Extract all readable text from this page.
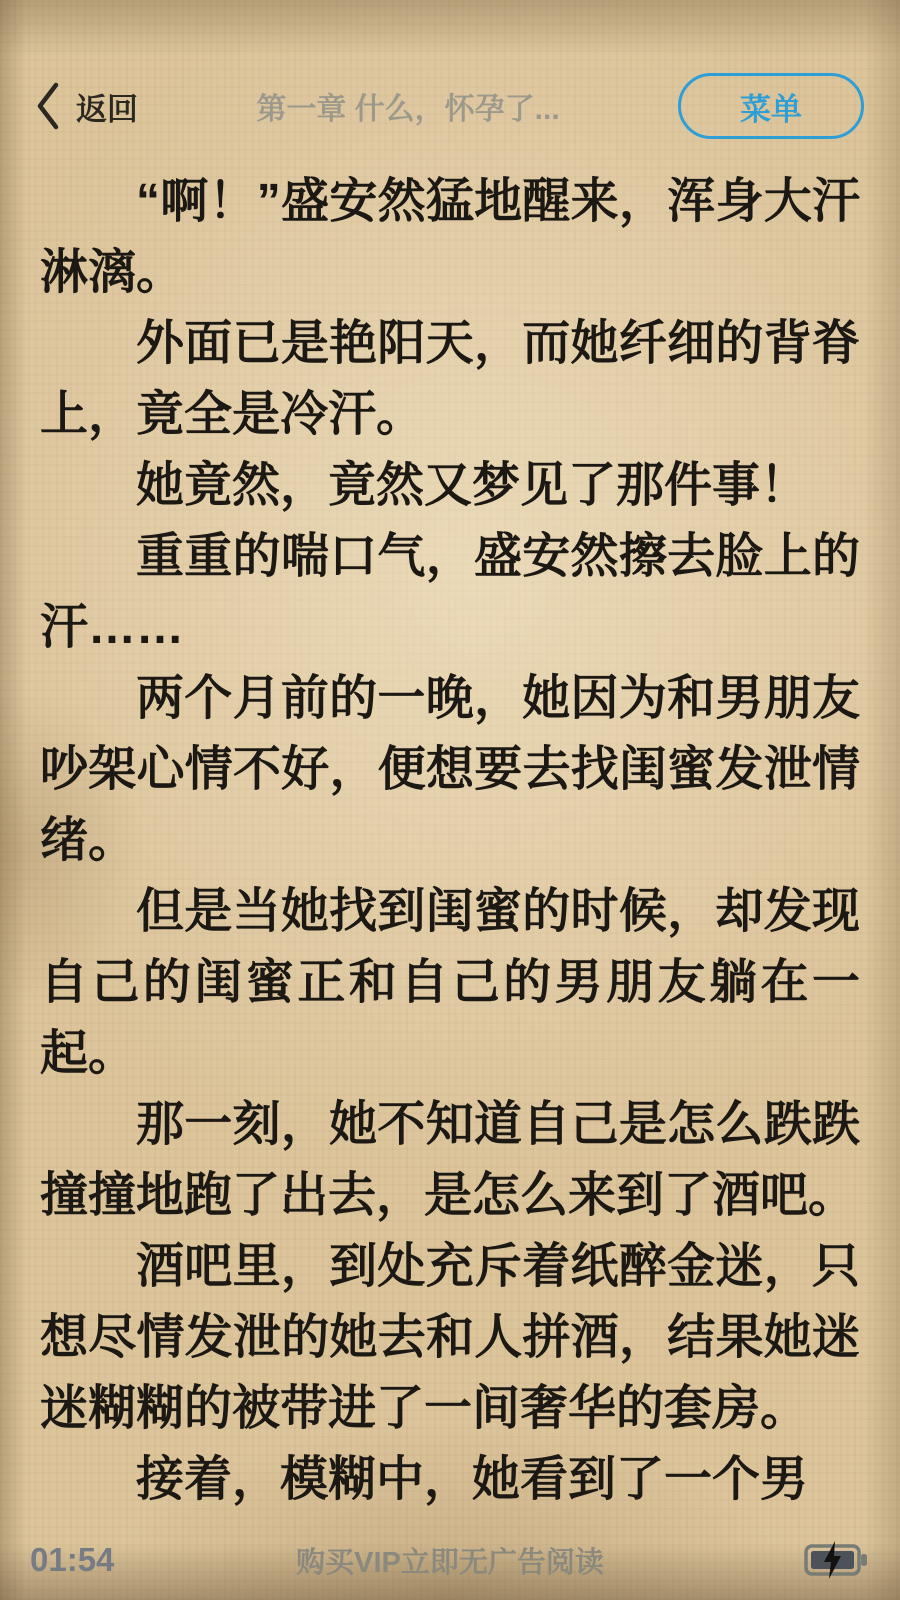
返回	第一章 什么，怀孕了...	菜单

“啊！”盛安然猛地醒来，浑身大汗淋漓。

外面已是艳阳天，而她纤细的背脊上，竟全是冷汗。

她竟然，竟然又梦见了那件事！

重重的喘口气，盛安然擦去脸上的汗……

两个月前的一晚，她因为和男朋友吵架心情不好，便想要去找闺蜜发泄情绪。

但是当她找到闺蜜的时候，却发现自己的闺蜜正和自己的男朋友躺在一起。

那一刻，她不知道自己是怎么跌跌撞撞地跑了出去，是怎么来到了酒吧。

酒吧里，到处充斥着纸醉金迷，只想尽情发泄的她去和人拼酒，结果她迷迷糊糊的被带进了一间奢华的套房。

接着，模糊中，她看到了一个男

01:54	购买VIP立即无广告阅读
